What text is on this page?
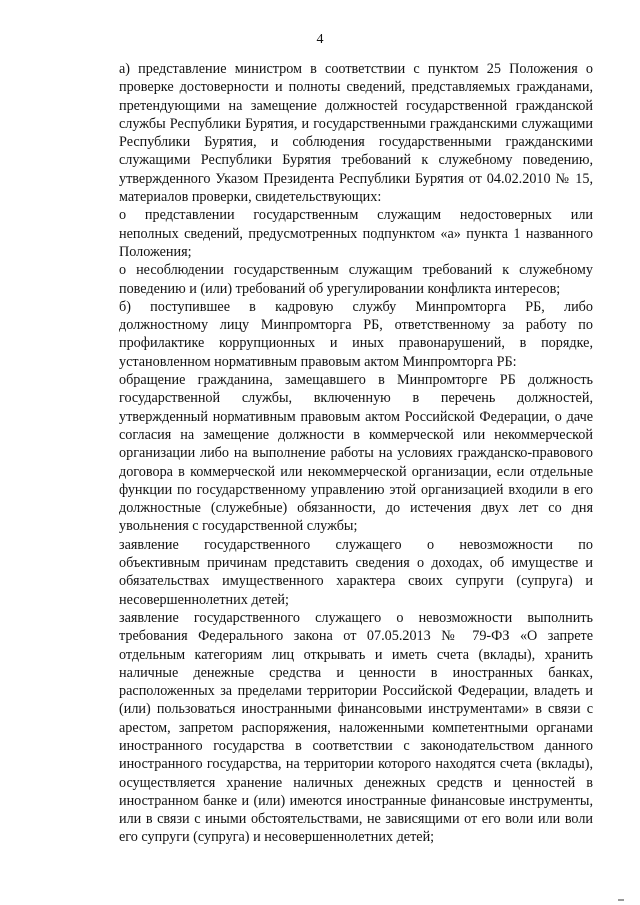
4
а) представление министром в соответствии с пунктом 25 Положения о
проверке достоверности и полноты сведений, представляемых гражданами,
претендующими на замещение должностей государственной гражданской
службы Республики Бурятия, и государственными гражданскими служащими
Республики Бурятия, и соблюдения государственными гражданскими
служащими Республики Бурятия требований к служебному поведению,
утвержденного Указом Президента Республики Бурятия от 04.02.2010 № 15,
материалов проверки, свидетельствующих:
о представлении государственным служащим недостоверных или
неполных сведений, предусмотренных подпунктом «а» пункта 1 названного
Положения;
о несоблюдении государственным служащим требований к служебному
поведению и (или) требований об урегулировании конфликта интересов;
б) поступившее в кадровую службу Минпромторга РБ, либо
должностному лицу Минпромторга РБ, ответственному за работу по
профилактике коррупционных и иных правонарушений, в порядке,
установленном нормативным правовым актом Минпромторга РБ:
обращение гражданина, замещавшего в Минпромторге РБ должность
государственной службы, включенную в перечень должностей,
утвержденный нормативным правовым актом Российской Федерации, о даче
согласия на замещение должности в коммерческой или некоммерческой
организации либо на выполнение работы на условиях гражданско-правового
договора в коммерческой или некоммерческой организации, если отдельные
функции по государственному управлению этой организацией входили в его
должностные (служебные) обязанности, до истечения двух лет со дня
увольнения с государственной службы;
заявление государственного служащего о невозможности по
объективным причинам представить сведения о доходах, об имуществе и
обязательствах имущественного характера своих супруги (супруга) и
несовершеннолетних детей;
заявление государственного служащего о невозможности выполнить
требования Федерального закона от 07.05.2013 № 79-ФЗ «О запрете
отдельным категориям лиц открывать и иметь счета (вклады), хранить
наличные денежные средства и ценности в иностранных банках,
расположенных за пределами территории Российской Федерации, владеть и
(или) пользоваться иностранными финансовыми инструментами» в связи с
арестом, запретом распоряжения, наложенными компетентными органами
иностранного государства в соответствии с законодательством данного
иностранного государства, на территории которого находятся счета (вклады),
осуществляется хранение наличных денежных средств и ценностей в
иностранном банке и (или) имеются иностранные финансовые инструменты,
или в связи с иными обстоятельствами, не зависящими от его воли или воли
его супруги (супруга) и несовершеннолетних детей;
